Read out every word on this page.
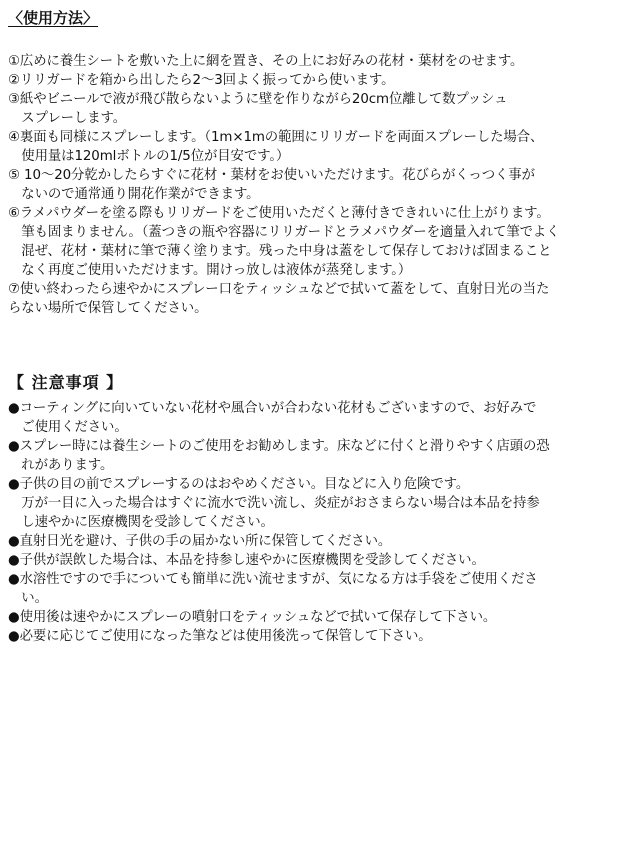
〈使用方法〉
①広めに養生シートを敷いた上に網を置き、その上にお好みの花材・葉材をのせます。
②リリガードを箱から出したら2～3回よく振ってから使います。
③紙やビニールで液が飛び散らないように壁を作りながら20cm位離して数プッシュ
　スプレーします。
④裏面も同様にスプレーします。（1m×1mの範囲にリリガードを両面スプレーした場合、
　使用量は120mlボトルの1/5位が目安です。）
⑤ 10～20分乾かしたらすぐに花材・葉材をお使いいただけます。花びらがくっつく事が
　ないので通常通り開花作業ができます。
⑥ラメパウダーを塗る際もリリガードをご使用いただくと薄付きできれいに仕上がります。
　筆も固まりません。（蓋つきの瓶や容器にリリガードとラメパウダーを適量入れて筆でよく
　混ぜ、花材・葉材に筆で薄く塗ります。残った中身は蓋をして保存しておけば固まること
　なく再度ご使用いただけます。開けっ放しは液体が蒸発します。）
⑦使い終わったら速やかにスプレー口をティッシュなどで拭いて蓋をして、直射日光の当た
らない場所で保管してください。
【 注意事項 】
●コーティングに向いていない花材や風合いが合わない花材もございますので、お好みで
　ご使用ください。
●スプレー時には養生シートのご使用をお勧めします。床などに付くと滑りやすく店頭の恐
　れがあります。
●子供の目の前でスプレーするのはおやめください。目などに入り危険です。
　万が一目に入った場合はすぐに流水で洗い流し、炎症がおさまらない場合は本品を持参
　し速やかに医療機関を受診してください。
●直射日光を避け、子供の手の届かない所に保管してください。
●子供が誤飲した場合は、本品を持参し速やかに医療機関を受診してください。
●水溶性ですので手についても簡単に洗い流せますが、気になる方は手袋をご使用くださ
　い。
●使用後は速やかにスプレーの噴射口をティッシュなどで拭いて保存して下さい。
●必要に応じてご使用になった筆などは使用後洗って保管して下さい。
